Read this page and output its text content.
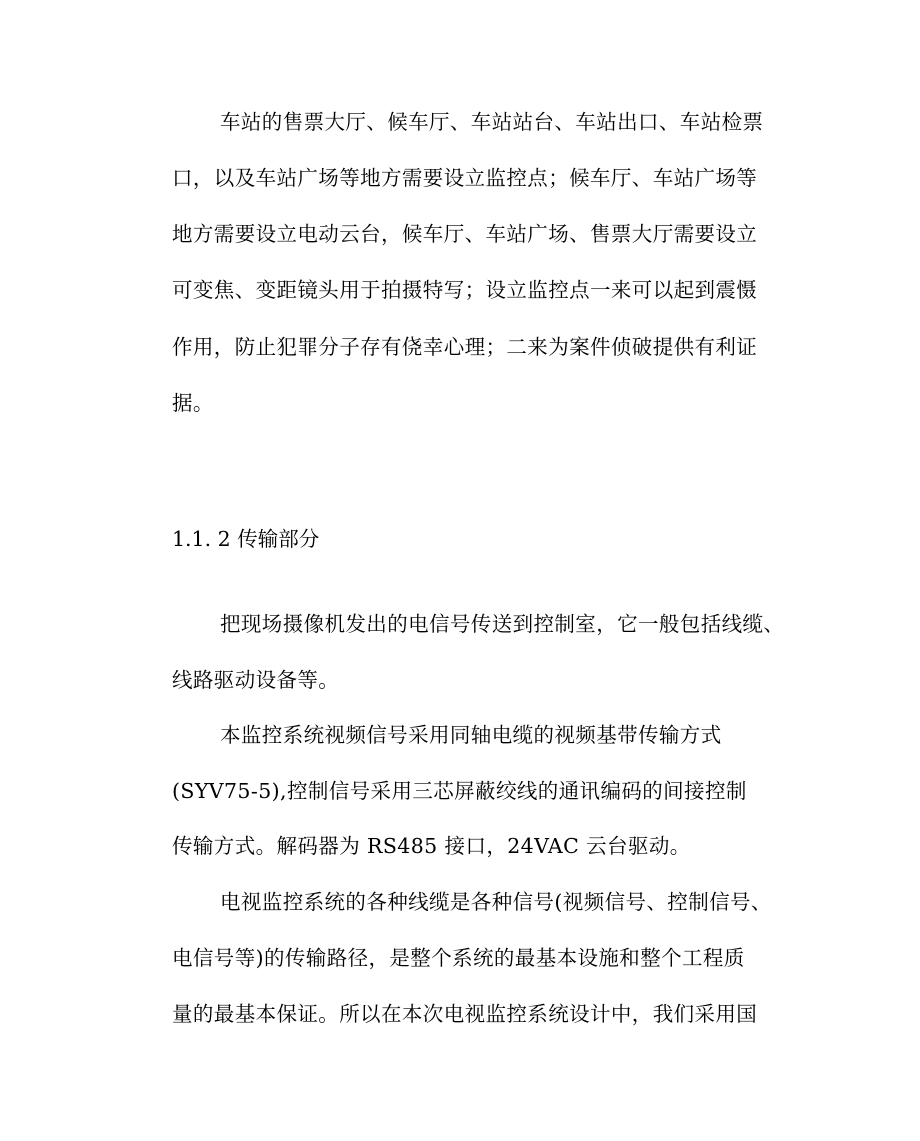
车站的售票大厅、候车厅、车站站台、车站出口、车站检票
口，以及车站广场等地方需要设立监控点；候车厅、车站广场等
地方需要设立电动云台，候车厅、车站广场、售票大厅需要设立
可变焦、变距镜头用于拍摄特写；设立监控点一来可以起到震慑
作用，防止犯罪分子存有侥幸心理；二来为案件侦破提供有利证
据。
1.1. 2 传输部分
把现场摄像机发出的电信号传送到控制室，它一般包括线缆、
线路驱动设备等。
本监控系统视频信号采用同轴电缆的视频基带传输方式
(SYV75-5),控制信号采用三芯屏蔽绞线的通讯编码的间接控制
传输方式。解码器为 RS485 接口，24VAC 云台驱动。
电视监控系统的各种线缆是各种信号(视频信号、控制信号、
电信号等)的传输路径，是整个系统的最基本设施和整个工程质
量的最基本保证。所以在本次电视监控系统设计中，我们采用国
